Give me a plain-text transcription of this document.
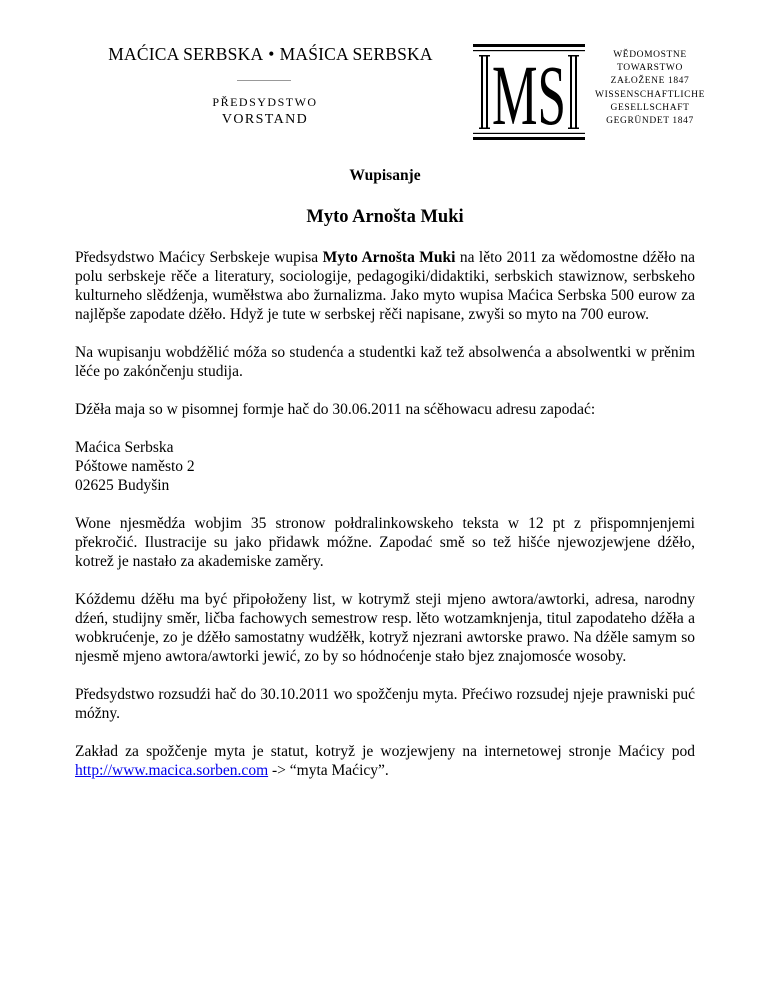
MAĆICA SERBSKA • MAŚICA SERBSKA
PŘEDSYDSTWO
VORSTAND	MS	WĚDOMOSTNE
TOWARSTWO
ZAŁOŽENE 1847
WISSENSCHAFTLICHE
GESELLSCHAFT
GEGRÜNDET 1847
Wupisanje
Myto Arnošta Muki

Předsydstwo Maćicy Serbskeje wupisa Myto Arnošta Muki na lěto 2011 za wědomostne dźěło na polu serbskeje rěče a literatury, sociologije, pedagogiki/didaktiki, serbskich stawiznow, serbskeho kulturneho slědźenja, wuměłstwa abo žurnalizma. Jako myto wupisa Maćica Serbska 500 eurow za najlěpše zapodate dźěło. Hdyž je tute w serbskej rěči napisane, zwyši so myto na 700 eurow.

Na wupisanju wobdźělić móža so studenća a studentki kaž tež absolwenća a absolwentki w prěnim lěće po zakónčenju studija.

Dźěła maja so w pisomnej formje hač do 30.06.2011 na sćěhowacu adresu zapodać:

Maćica Serbska
Póštowe naměsto 2
02625 Budyšin

Wone njesmědźa wobjim 35 stronow połdralinkowskeho teksta w 12 pt z přispomnjenjemi překročić. Ilustracije su jako přidawk móžne. Zapodać smě so tež hišće njewozjewjene dźěło, kotrež je nastało za akademiske zaměry.

Kóždemu dźěłu ma być připołoženy list, w kotrymž steji mjeno awtora/awtorki, adresa, narodny dźeń, studijny směr, ličba fachowych semestrow resp. lěto wotzamknjenja, titul zapodateho dźěła a wobkrućenje, zo je dźěło samostatny wudźěłk, kotryž njezrani awtorske prawo. Na dźěle samym so njesmě mjeno awtora/awtorki jewić, zo by so hódnoćenje stało bjez znajomosće wosoby.

Předsydstwo rozsudźi hač do 30.10.2011 wo spožčenju myta. Přećiwo rozsudej njeje prawniski puć móžny.

Zakład za spožčenje myta je statut, kotryž je wozjewjeny na internetowej stronje Maćicy pod http://www.macica.sorben.com -> “myta Maćicy”.
